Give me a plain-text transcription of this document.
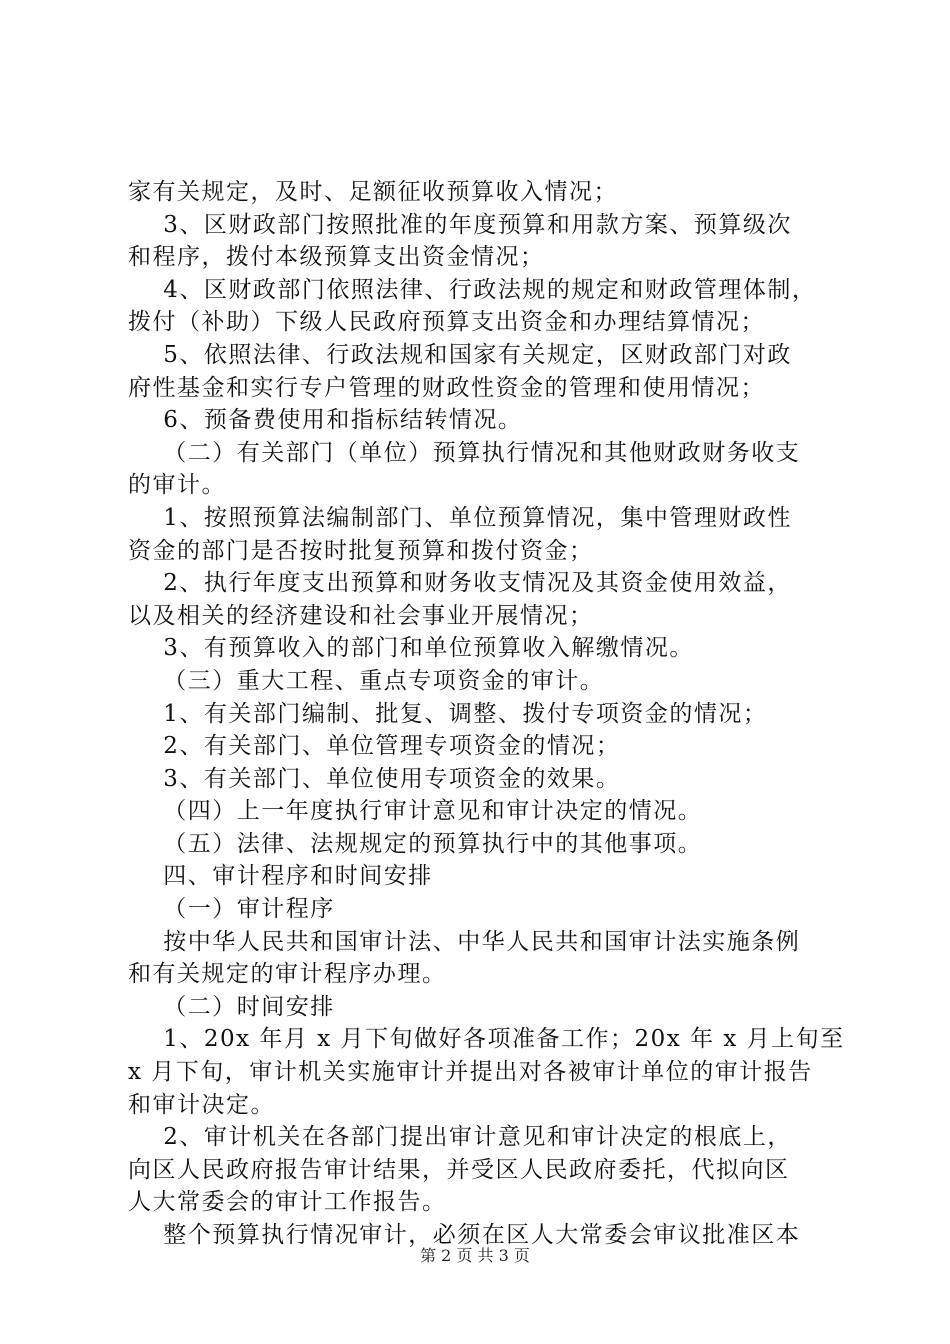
家有关规定，及时、足额征收预算收入情况；
3、区财政部门按照批准的年度预算和用款方案、预算级次
和程序，拨付本级预算支出资金情况；
4、区财政部门依照法律、行政法规的规定和财政管理体制，
拨付（补助）下级人民政府预算支出资金和办理结算情况；
5、依照法律、行政法规和国家有关规定，区财政部门对政
府性基金和实行专户管理的财政性资金的管理和使用情况；
6、预备费使用和指标结转情况。
（二）有关部门（单位）预算执行情况和其他财政财务收支
的审计。
1、按照预算法编制部门、单位预算情况，集中管理财政性
资金的部门是否按时批复预算和拨付资金；
2、执行年度支出预算和财务收支情况及其资金使用效益，
以及相关的经济建设和社会事业开展情况；
3、有预算收入的部门和单位预算收入解缴情况。
（三）重大工程、重点专项资金的审计。
1、有关部门编制、批复、调整、拨付专项资金的情况；
2、有关部门、单位管理专项资金的情况；
3、有关部门、单位使用专项资金的效果。
（四）上一年度执行审计意见和审计决定的情况。
（五）法律、法规规定的预算执行中的其他事项。
四、审计程序和时间安排
（一）审计程序
按中华人民共和国审计法、中华人民共和国审计法实施条例
和有关规定的审计程序办理。
（二）时间安排
1、20x 年月 x 月下旬做好各项准备工作；20x 年 x 月上旬至
x 月下旬，审计机关实施审计并提出对各被审计单位的审计报告
和审计决定。
2、审计机关在各部门提出审计意见和审计决定的根底上，
向区人民政府报告审计结果，并受区人民政府委托，代拟向区
人大常委会的审计工作报告。
整个预算执行情况审计，必须在区人大常委会审议批准区本
第 2 页 共 3 页
